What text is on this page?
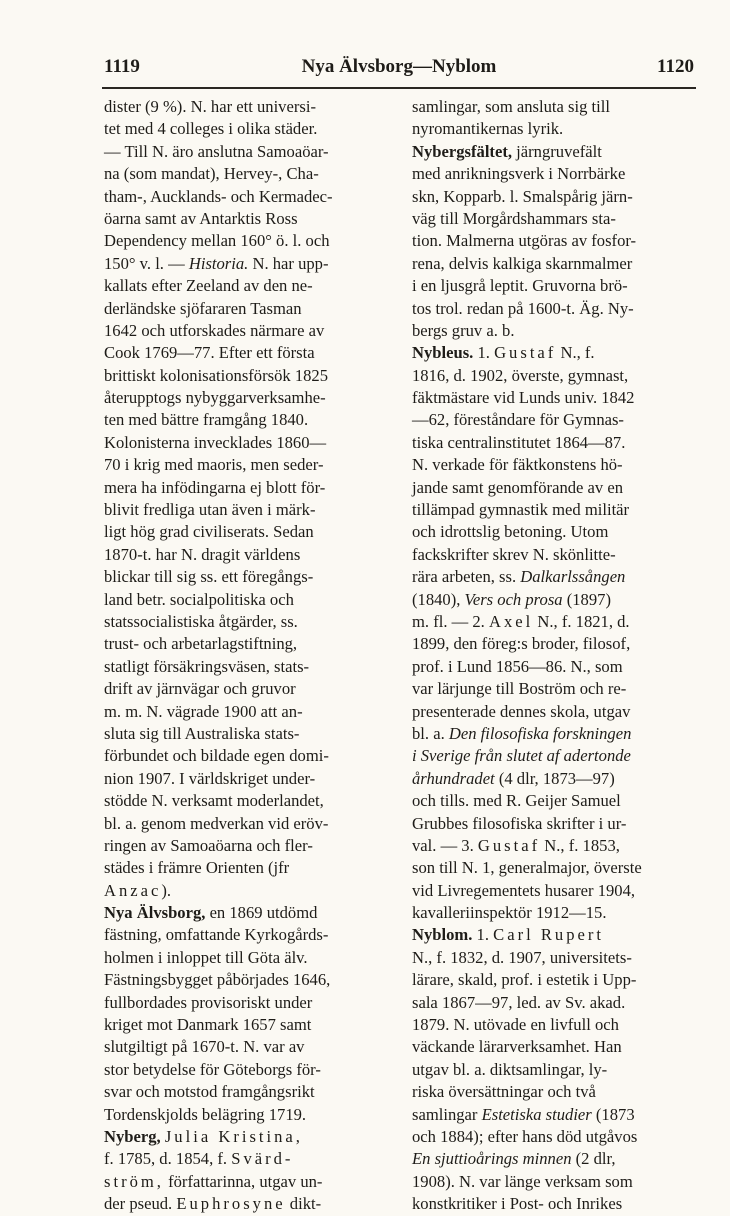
1119	Nya Älvsborg—Nyblom	1120
dister (9 %). N. har ett universi-
tet med 4 colleges i olika städer.
— Till N. äro anslutna Samoaöar-
na (som mandat), Hervey-, Cha-
tham-, Aucklands- och Kermadec-
öarna samt av Antarktis Ross
Dependency mellan 160° ö. l. och
150° v. l. — Historia. N. har upp-
kallats efter Zeeland av den ne-
derländske sjöfararen Tasman
1642 och utforskades närmare av
Cook 1769—77. Efter ett första
brittiskt kolonisationsförsök 1825
återupptogs nybyggarverksamhe-
ten med bättre framgång 1840.
Kolonisterna invecklades 1860—
70 i krig med maoris, men seder-
mera ha infödingarna ej blott för-
blivit fredliga utan även i märk-
ligt hög grad civiliserats. Sedan
1870-t. har N. dragit världens
blickar till sig ss. ett föregångs-
land betr. socialpolitiska och
statssocialistiska åtgärder, ss.
trust- och arbetarlagstiftning,
statligt försäkringsväsen, stats-
drift av järnvägar och gruvor
m. m. N. vägrade 1900 att an-
sluta sig till Australiska stats-
förbundet och bildade egen domi-
nion 1907. I världskriget under-
stödde N. verksamt moderlandet,
bl. a. genom medverkan vid eröv-
ringen av Samoaöarna och fler-
städes i främre Orienten (jfr
Anzac).
Nya Älvsborg, en 1869 utdömd
fästning, omfattande Kyrkogårds-
holmen i inloppet till Göta älv.
Fästningsbygget påbörjades 1646,
fullbordades provisoriskt under
kriget mot Danmark 1657 samt
slutgiltigt på 1670-t. N. var av
stor betydelse för Göteborgs för-
svar och motstod framgångsrikt
Tordenskjolds belägring 1719.
Nyberg, Julia Kristina,
f. 1785, d. 1854, f. Svärd-
ström, författarinna, utgav un-
der pseud. Euphrosyne dikt-
samlingar, som ansluta sig till
nyromantikernas lyrik.
Nybergsfältet, järngruvefält
med anrikningsverk i Norrbärke
skn, Kopparb. l. Smalspårig järn-
väg till Morgårdshammars sta-
tion. Malmerna utgöras av fosfor-
rena, delvis kalkiga skarnmalmer
i en ljusgrå leptit. Gruvorna brö-
tos trol. redan på 1600-t. Äg. Ny-
bergs gruv a. b.
Nybleus. 1. Gustaf N., f.
1816, d. 1902, överste, gymnast,
fäktmästare vid Lunds univ. 1842
—62, föreståndare för Gymnas-
tiska centralinstitutet 1864—87.
N. verkade för fäktkonstens hö-
jande samt genomförande av en
tillämpad gymnastik med militär
och idrottslig betoning. Utom
fackskrifter skrev N. skönlitte-
rära arbeten, ss. Dalkarlssången
(1840), Vers och prosa (1897)
m. fl. — 2. Axel N., f. 1821, d.
1899, den föreg:s broder, filosof,
prof. i Lund 1856—86. N., som
var lärjunge till Boström och re-
presenterade dennes skola, utgav
bl. a. Den filosofiska forskningen
i Sverige från slutet af adertonde
århundradet (4 dlr, 1873—97)
och tills. med R. Geijer Samuel
Grubbes filosofiska skrifter i ur-
val. — 3. Gustaf N., f. 1853,
son till N. 1, generalmajor, överste
vid Livregementets husarer 1904,
kavalleriinspektör 1912—15.
Nyblom. 1. Carl Rupert
N., f. 1832, d. 1907, universitets-
lärare, skald, prof. i estetik i Upp-
sala 1867—97, led. av Sv. akad.
1879. N. utövade en livfull och
väckande lärarverksamhet. Han
utgav bl. a. diktsamlingar, ly-
riska översättningar och två
samlingar Estetiska studier (1873
och 1884); efter hans död utgåvos
En sjuttioårings minnen (2 dlr,
1908). N. var länge verksam som
konstkritiker i Post- och Inrikes
